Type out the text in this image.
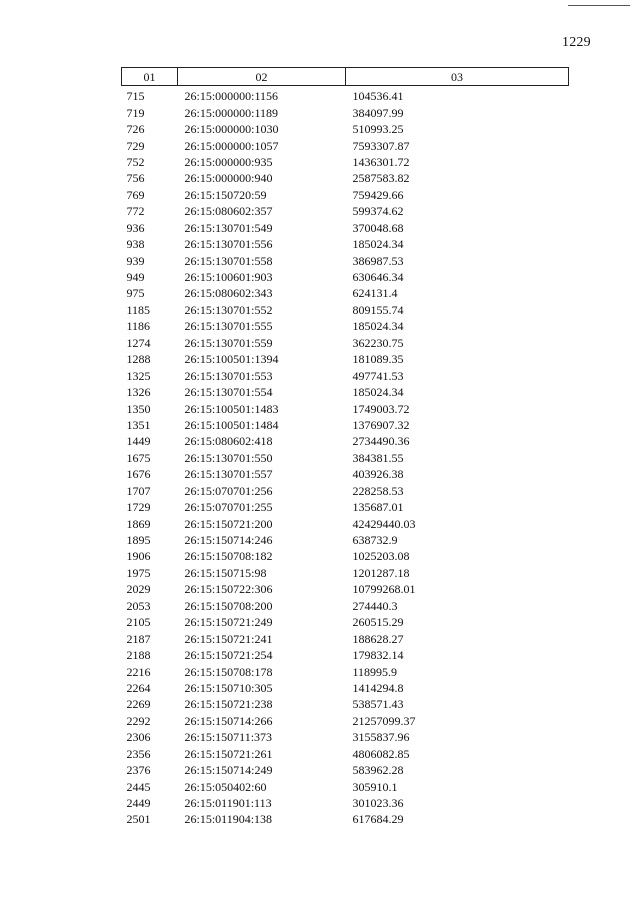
1229
01	02	03
715	26:15:000000:1156	104536.41
719	26:15:000000:1189	384097.99
726	26:15:000000:1030	510993.25
729	26:15:000000:1057	7593307.87
752	26:15:000000:935	1436301.72
756	26:15:000000:940	2587583.82
769	26:15:150720:59	759429.66
772	26:15:080602:357	599374.62
936	26:15:130701:549	370048.68
938	26:15:130701:556	185024.34
939	26:15:130701:558	386987.53
949	26:15:100601:903	630646.34
975	26:15:080602:343	624131.4
1185	26:15:130701:552	809155.74
1186	26:15:130701:555	185024.34
1274	26:15:130701:559	362230.75
1288	26:15:100501:1394	181089.35
1325	26:15:130701:553	497741.53
1326	26:15:130701:554	185024.34
1350	26:15:100501:1483	1749003.72
1351	26:15:100501:1484	1376907.32
1449	26:15:080602:418	2734490.36
1675	26:15:130701:550	384381.55
1676	26:15:130701:557	403926.38
1707	26:15:070701:256	228258.53
1729	26:15:070701:255	135687.01
1869	26:15:150721:200	42429440.03
1895	26:15:150714:246	638732.9
1906	26:15:150708:182	1025203.08
1975	26:15:150715:98	1201287.18
2029	26:15:150722:306	10799268.01
2053	26:15:150708:200	274440.3
2105	26:15:150721:249	260515.29
2187	26:15:150721:241	188628.27
2188	26:15:150721:254	179832.14
2216	26:15:150708:178	118995.9
2264	26:15:150710:305	1414294.8
2269	26:15:150721:238	538571.43
2292	26:15:150714:266	21257099.37
2306	26:15:150711:373	3155837.96
2356	26:15:150721:261	4806082.85
2376	26:15:150714:249	583962.28
2445	26:15:050402:60	305910.1
2449	26:15:011901:113	301023.36
2501	26:15:011904:138	617684.29
